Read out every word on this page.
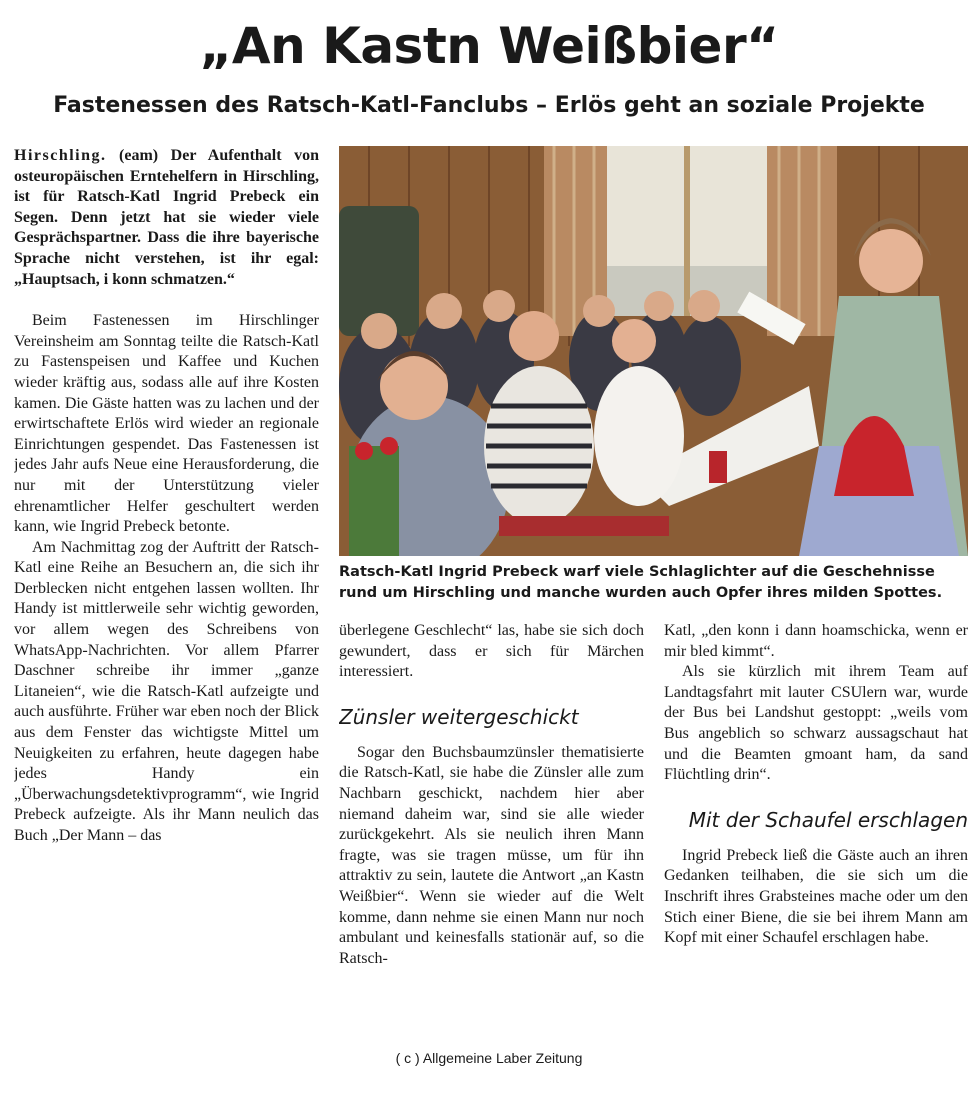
„An Kastn Weißbier“
Fastenessen des Ratsch-Katl-Fanclubs – Erlös geht an soziale Projekte

Hirschling. (eam) Der Aufenthalt von osteuropäischen Erntehelfern in Hirschling, ist für Ratsch-Katl Ingrid Prebeck ein Segen. Denn jetzt hat sie wieder viele Gesprächspartner. Dass die ihre bayerische Sprache nicht verstehen, ist ihr egal: „Hauptsach, i konn schmatzen.“

Beim Fastenessen im Hirschlinger Vereinsheim am Sonntag teilte die Ratsch-Katl zu Fastenspeisen und Kaffee und Kuchen wieder kräftig aus, sodass alle auf ihre Kosten kamen. Die Gäste hatten was zu lachen und der erwirtschaftete Erlös wird wieder an regionale Einrichtungen gespendet. Das Fastenessen ist jedes Jahr aufs Neue eine Herausforderung, die nur mit der Unterstützung vieler ehrenamtlicher Helfer geschultert werden kann, wie Ingrid Prebeck betonte.

Am Nachmittag zog der Auftritt der Ratsch-Katl eine Reihe an Besuchern an, die sich ihr Derblecken nicht entgehen lassen wollten. Ihr Handy ist mittlerweile sehr wichtig geworden, vor allem wegen des Schreibens von WhatsApp-Nachrichten. Vor allem Pfarrer Daschner schreibe ihr immer „ganze Litaneien“, wie die Ratsch-Katl aufzeigte und auch ausführte. Früher war eben noch der Blick aus dem Fenster das wichtigste Mittel um Neuigkeiten zu erfahren, heute dagegen habe jedes Handy ein „Überwachungsdetektivprogramm“, wie Ingrid Prebeck aufzeigte. Als ihr Mann neulich das Buch „Der Mann – das

Ratsch-Katl Ingrid Prebeck warf viele Schlaglichter auf die Geschehnisse rund um Hirschling und manche wurden auch Opfer ihres milden Spottes.

überlegene Geschlecht“ las, habe sie sich doch gewundert, dass er sich für Märchen interessiert.

Zünsler weitergeschickt

Sogar den Buchsbaumzünsler thematisierte die Ratsch-Katl, sie habe die Zünsler alle zum Nachbarn geschickt, nachdem hier aber niemand daheim war, sind sie alle wieder zurückgekehrt. Als sie neulich ihren Mann fragte, was sie tragen müsse, um für ihn attraktiv zu sein, lautete die Antwort „an Kastn Weißbier“. Wenn sie wieder auf die Welt komme, dann nehme sie einen Mann nur noch ambulant und keinesfalls stationär auf, so die Ratsch-

Katl, „den konn i dann hoamschicka, wenn er mir bled kimmt“.

Als sie kürzlich mit ihrem Team auf Landtagsfahrt mit lauter CSUlern war, wurde der Bus bei Landshut gestoppt: „weils vom Bus angeblich so schwarz aussagschaut hat und die Beamten gmoant ham, da sand Flüchtling drin“.

Mit der Schaufel erschlagen

Ingrid Prebeck ließ die Gäste auch an ihren Gedanken teilhaben, die sie sich um die Inschrift ihres Grabsteines mache oder um den Stich einer Biene, die sie bei ihrem Mann am Kopf mit einer Schaufel erschlagen habe.

( c ) Allgemeine Laber Zeitung
